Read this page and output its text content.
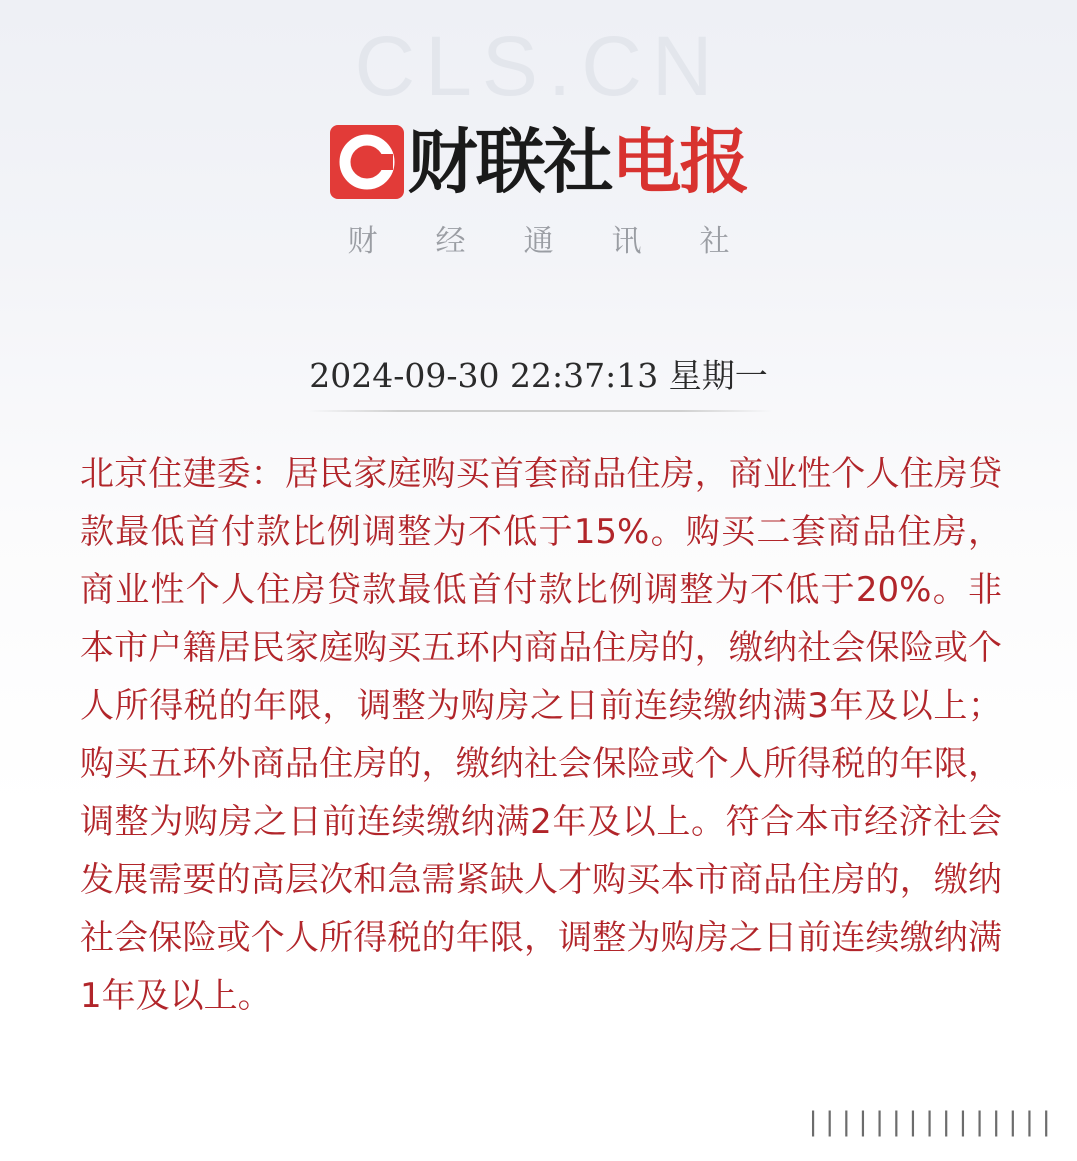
CLS.CN
财联社 电报
财经通讯社
2024-09-30 22:37:13 星期一

北京住建委：居民家庭购买首套商品住房，商业性个人住房贷款最低首付款比例调整为不低于15%。购买二套商品住房，商业性个人住房贷款最低首付款比例调整为不低于20%。非本市户籍居民家庭购买五环内商品住房的，缴纳社会保险或个人所得税的年限，调整为购房之日前连续缴纳满3年及以上；购买五环外商品住房的，缴纳社会保险或个人所得税的年限，调整为购房之日前连续缴纳满2年及以上。符合本市经济社会发展需要的高层次和急需紧缺人才购买本市商品住房的，缴纳社会保险或个人所得税的年限，调整为购房之日前连续缴纳满1年及以上。

|||||||||||||||
